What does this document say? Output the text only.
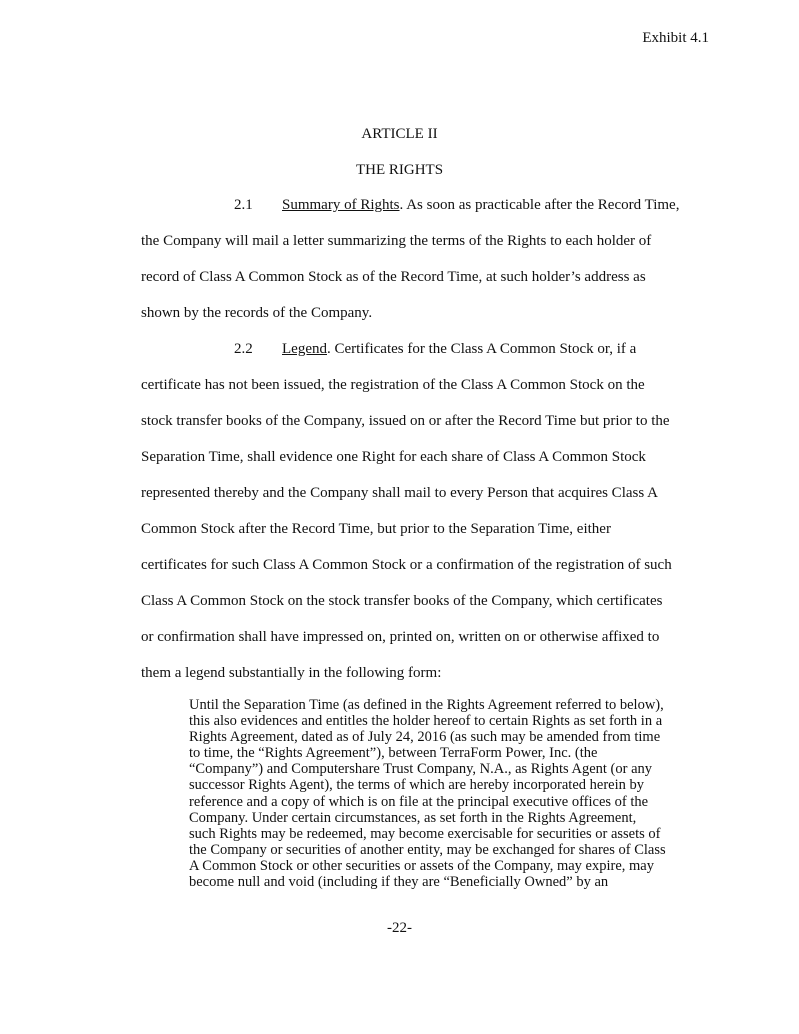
Exhibit 4.1
ARTICLE II
THE RIGHTS
2.1 Summary of Rights. As soon as practicable after the Record Time,
the Company will mail a letter summarizing the terms of the Rights to each holder of
record of Class A Common Stock as of the Record Time, at such holder’s address as
shown by the records of the Company.
2.2 Legend. Certificates for the Class A Common Stock or, if a
certificate has not been issued, the registration of the Class A Common Stock on the
stock transfer books of the Company, issued on or after the Record Time but prior to the
Separation Time, shall evidence one Right for each share of Class A Common Stock
represented thereby and the Company shall mail to every Person that acquires Class A
Common Stock after the Record Time, but prior to the Separation Time, either
certificates for such Class A Common Stock or a confirmation of the registration of such
Class A Common Stock on the stock transfer books of the Company, which certificates
or confirmation shall have impressed on, printed on, written on or otherwise affixed to
them a legend substantially in the following form:
Until the Separation Time (as defined in the Rights Agreement referred to below),
this also evidences and entitles the holder hereof to certain Rights as set forth in a
Rights Agreement, dated as of July 24, 2016 (as such may be amended from time
to time, the “Rights Agreement”), between TerraForm Power, Inc. (the
“Company”) and Computershare Trust Company, N.A., as Rights Agent (or any
successor Rights Agent), the terms of which are hereby incorporated herein by
reference and a copy of which is on file at the principal executive offices of the
Company. Under certain circumstances, as set forth in the Rights Agreement,
such Rights may be redeemed, may become exercisable for securities or assets of
the Company or securities of another entity, may be exchanged for shares of Class
A Common Stock or other securities or assets of the Company, may expire, may
become null and void (including if they are “Beneficially Owned” by an
-22-
